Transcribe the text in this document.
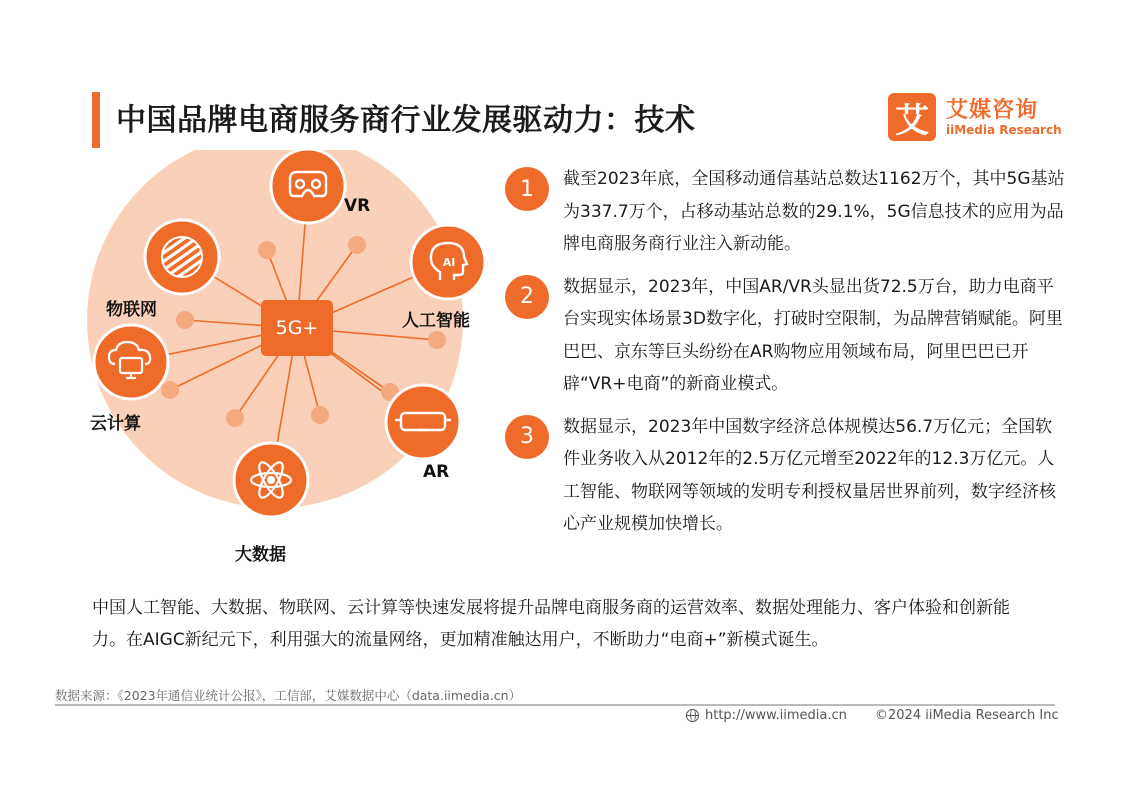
中国品牌电商服务商行业发展驱动力：技术	艾 艾媒咨询
iiMedia Research
5G+
AI
VR
人工智能
AR
大数据
云计算
物联网
1	截至2023年底，全国移动通信基站总数达1162万个，其中5G基站为337.7万个，占移动基站总数的29.1%，5G信息技术的应用为品牌电商服务商行业注入新动能。
2	数据显示，2023年，中国AR/VR头显出货72.5万台，助力电商平台实现实体场景3D数字化，打破时空限制，为品牌营销赋能。阿里巴巴、京东等巨头纷纷在AR购物应用领域布局，阿里巴巴已开辟“VR+电商”的新商业模式。
3	数据显示，2023年中国数字经济总体规模达56.7万亿元；全国软件业务收入从2012年的2.5万亿元增至2022年的12.3万亿元。人工智能、物联网等领域的发明专利授权量居世界前列，数字经济核心产业规模加快增长。
中国人工智能、大数据、物联网、云计算等快速发展将提升品牌电商服务商的运营效率、数据处理能力、客户体验和创新能力。在AIGC新纪元下，利用强大的流量网络，更加精准触达用户，不断助力“电商+”新模式诞生。
数据来源：《2023年通信业统计公报》，工信部，艾媒数据中心（data.iimedia.cn）
http://www.iimedia.cn ©2024 iiMedia Research Inc
